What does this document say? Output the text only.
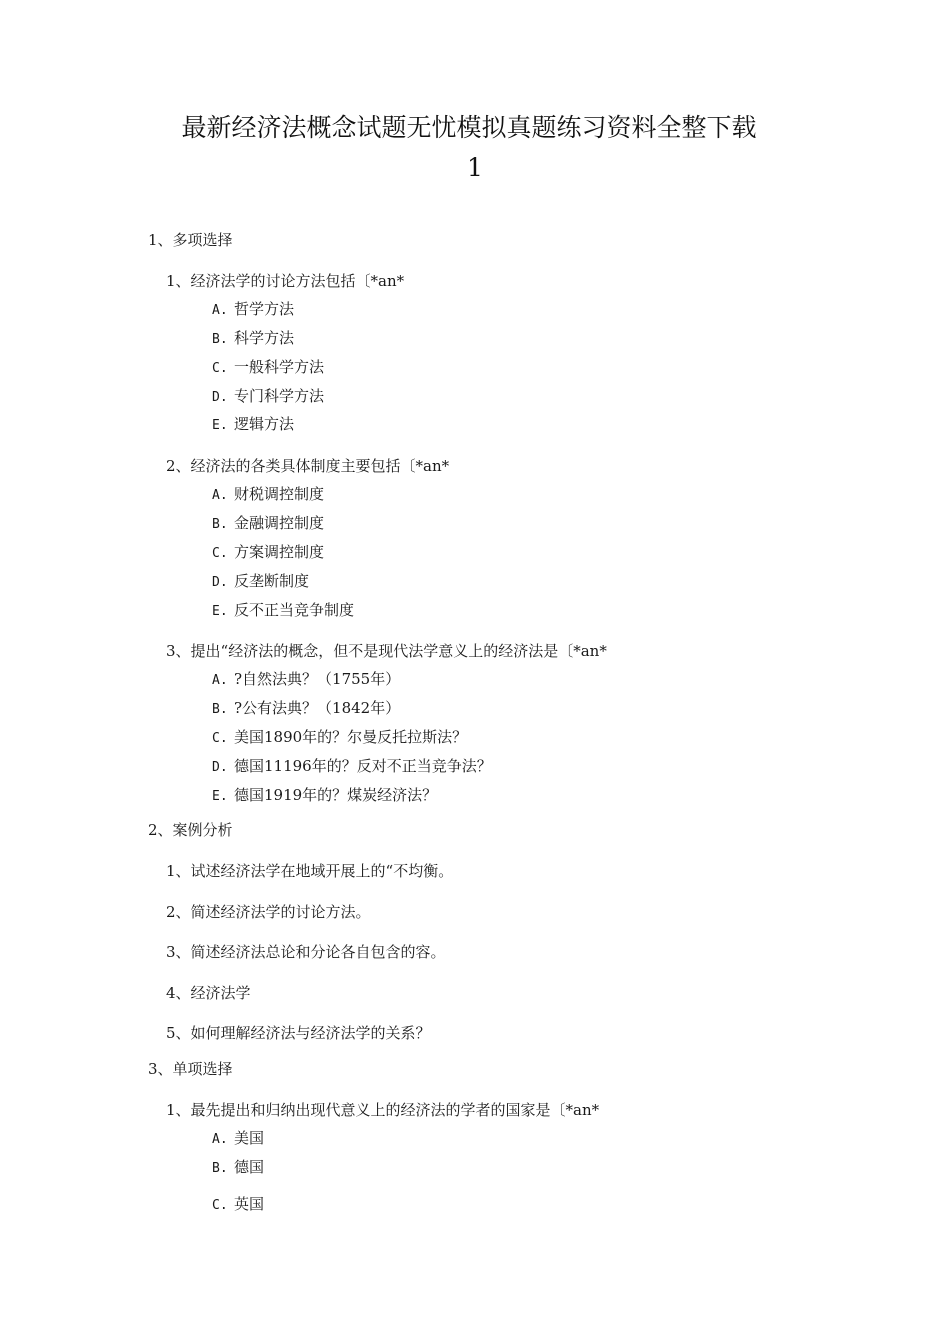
最新经济法概念试题无忧模拟真题练习资料全整下载
1
1、多项选择
1、经济法学的讨论方法包括〔*an*
A. 哲学方法
B. 科学方法
C. 一般科学方法
D. 专门科学方法
E. 逻辑方法
2、经济法的各类具体制度主要包括〔*an*
A. 财税调控制度
B. 金融调控制度
C. 方案调控制度
D. 反垄断制度
E. 反不正当竞争制度
3、提出“经济法的概念，但不是现代法学意义上的经济法是〔*an*
A. ?自然法典？（1755年）
B. ?公有法典？（1842年）
C. 美国1890年的？尔曼反托拉斯法？
D. 德国11196年的？反对不正当竞争法？
E. 德国1919年的？煤炭经济法？
2、案例分析
1、试述经济法学在地域开展上的“不均衡。
2、简述经济法学的讨论方法。
3、简述经济法总论和分论各自包含的容。
4、经济法学
5、如何理解经济法与经济法学的关系？
3、单项选择
1、最先提出和归纳出现代意义上的经济法的学者的国家是〔*an*
A. 美国
B. 德国
C. 英国
